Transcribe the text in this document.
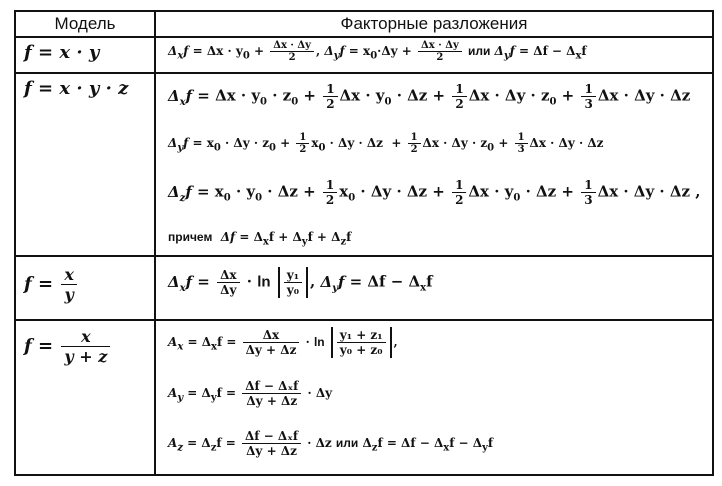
Модель	Факторные разложения
f = x · y	$\Delta_xf = \Delta x \cdot y_0 + \frac{\Delta x \cdot \Delta y}{2}$ , $\Delta_yf = x_0\cdot\Delta y + \frac{\Delta x \cdot \Delta y}{2}$ или $\Delta_yf = \Delta f - \Delta_xf$
f = x · y · z	$\Delta_xf = \Delta x \cdot y_0 \cdot z_0 + \frac{1}{2}$ $\Delta x \cdot y_0 \cdot \Delta z + \frac{1}{2}$ $\Delta x \cdot \Delta y \cdot z_0 + \frac{1}{3}$ Δx · Δy · Δz
$\Delta_yf = x_0 \cdot \Delta y \cdot z_0 + \frac{1}{2} x_0 \cdot \Delta y \cdot \Delta z + \frac{1}{2}$ $\Delta x \cdot \Delta y \cdot z_0 + \frac{1}{3}$ Δx · Δy · Δz
$\Delta_zf = x_0 \cdot y_0 \cdot \Delta z + \frac{1}{2} x_0 \cdot \Delta y \cdot \Delta z + \frac{1}{2}$ $\Delta x \cdot y_0 \cdot \Delta z + \frac{1}{3}$ Δx · Δy · Δz ,
причем $\Delta f = \Delta_xf + \Delta_yf + \Delta_zf$
$f = \frac{x}{y}$	$\Delta_xf = \frac{\Delta x}{\Delta y} \cdot \ln \frac{\text{y₁}}{\text{y₀}}$ , $\Delta_yf = \Delta f - \Delta_xf$
$f = \frac{x}{y + z}$	$A_x = \Delta_xf = \frac{\Delta x}{\Delta y + \Delta z} \cdot \ln \frac{\text{y₁ + z₁}}{\text{y₀ + z₀}}$ ,
$A_y = \Delta_yf = \frac{\text{Δf − Δₓf}}{\Delta y + \Delta z} \cdot \Delta y$
$A_z = \Delta_zf = \frac{\text{Δf − Δₓf}}{\Delta y + \Delta z} \cdot \Delta z$ или $\Delta_zf = \Delta f - \Delta_xf - \Delta_yf$
